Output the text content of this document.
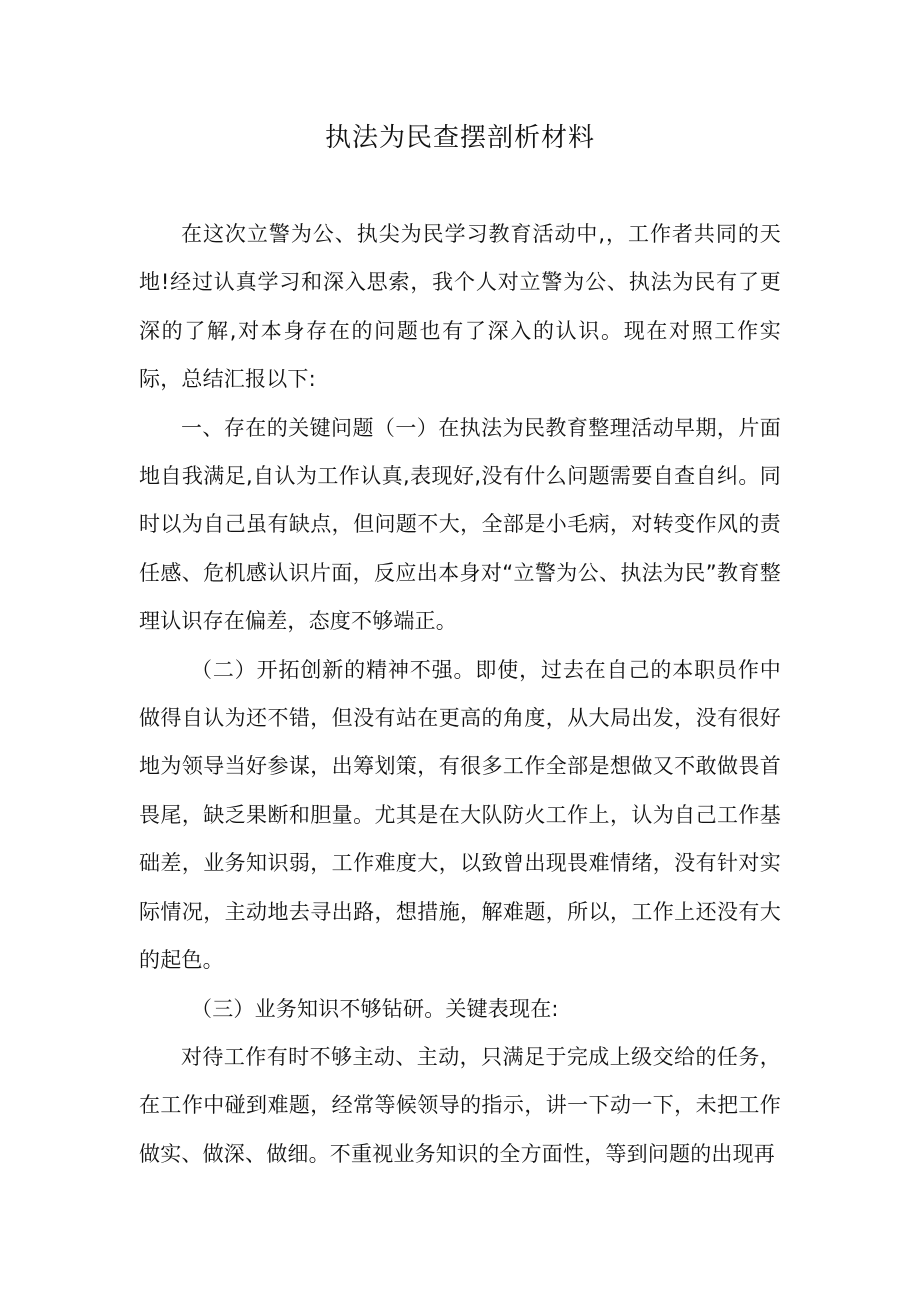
执法为民查摆剖析材料

在这次立警为公、执尖为民学习教育活动中,，工作者共同的天地!经过认真学习和深入思索，我个人对立警为公、执法为民有了更深的了解,对本身存在的问题也有了深入的认识。现在对照工作实际，总结汇报以下:

一、存在的关键问题（一）在执法为民教育整理活动早期，片面地自我满足,自认为工作认真,表现好,没有什么问题需要自查自纠。同时以为自己虽有缺点，但问题不大，全部是小毛病，对转变作风的责任感、危机感认识片面，反应出本身对“立警为公、执法为民”教育整理认识存在偏差，态度不够端正。

（二）开拓创新的精神不强。即使，过去在自己的本职员作中做得自认为还不错，但没有站在更高的角度，从大局出发，没有很好地为领导当好参谋，出筹划策，有很多工作全部是想做又不敢做畏首畏尾，缺乏果断和胆量。尤其是在大队防火工作上，认为自己工作基础差，业务知识弱，工作难度大，以致曾出现畏难情绪，没有针对实际情况，主动地去寻出路，想措施，解难题，所以，工作上还没有大的起色。

（三）业务知识不够钻研。关键表现在:

对待工作有时不够主动、主动，只满足于完成上级交给的任务，在工作中碰到难题，经常等候领导的指示，讲一下动一下，未把工作做实、做深、做细。不重视业务知识的全方面性，等到问题的出现再
